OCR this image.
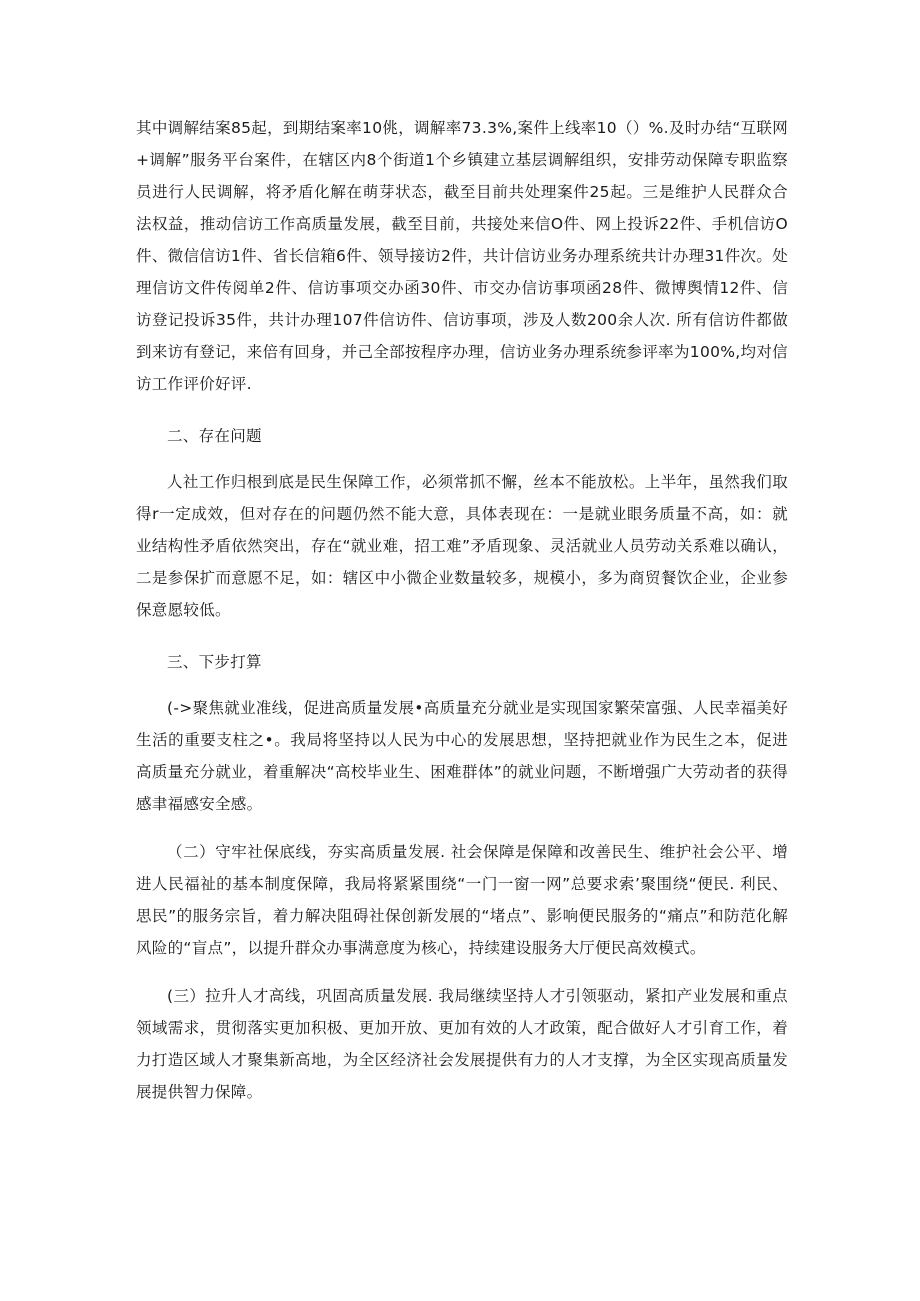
其中调解结案85起，到期结案率10佻，调解率73.3%,案件上线率10（）%.及时办结“互联网+调解”服务平台案件，在辖区内8个街道1个乡镇建立基层调解组织，安排劳动保障专职监察员进行人民调解，将矛盾化解在萌芽状态，截至目前共处理案件25起。三是维护人民群众合法权益，推动信访工作高质量发展，截至目前，共接处来信O件、网上投诉22件、手机信访O件、微信信访1件、省长信箱6件、领导接访2件，共计信访业务办理系统共计办理31件次。处理信访文件传阅单2件、信访事项交办函30件、市交办信访事项函28件、微博舆情12件、信访登记投诉35件，共计办理107件信访件、信访事项，涉及人数200余人次. 所有信访件都做到来访有登记，来倍有回身，并己全部按程序办理，信访业务办理系统参评率为100%,均对信访工作评价好评.

二、存在问题

人社工作归根到底是民生保障工作，必须常抓不懈，丝本不能放松。上半年，虽然我们取得r一定成效，但对存在的问题仍然不能大意，具体表现在：一是就业眼务质量不高，如：就业结构性矛盾依然突出，存在“就业难，招工难”矛盾现象、灵活就业人员劳动关系难以确认，二是参保扩而意愿不足，如：辖区中小微企业数量较多，规模小，多为商贸餐饮企业，企业参保意愿较低。

三、下步打算

(->聚焦就业准线，促进高质量发展•高质量充分就业是实现国家繁荣富强、人民幸福美好生活的重要支柱之•。我局将坚持以人民为中心的发展思想，坚持把就业作为民生之本，促进高质量充分就业，着重解决“高校毕业生、困难群体”的就业问题，不断增强广大劳动者的获得感聿福感安全感。

（二）守牢社保底线，夯实高质量发展. 社会保障是保障和改善民生、维护社会公平、增进人民福祉的基本制度保障，我局将紧紧围绕“一门一窗一网”总要求索’聚围绕“便民. 利民、思民”的服务宗旨，着力解决阻碍社保创新发展的“堵点”、影响便民服务的“痛点”和防范化解风险的“盲点”，以提升群众办事满意度为核心，持续建设服务大厅便民高效模式。

(三）拉升人才高线，巩固高质量发展. 我局继续坚持人才引领驱动，紧扣产业发展和重点领域需求，贯彻落实更加积极、更加开放、更加有效的人才政策，配合做好人才引育工作，着力打造区域人才聚集新高地，为全区经济社会发展提供有力的人才支撑，为全区实现高质量发展提供智力保障。
